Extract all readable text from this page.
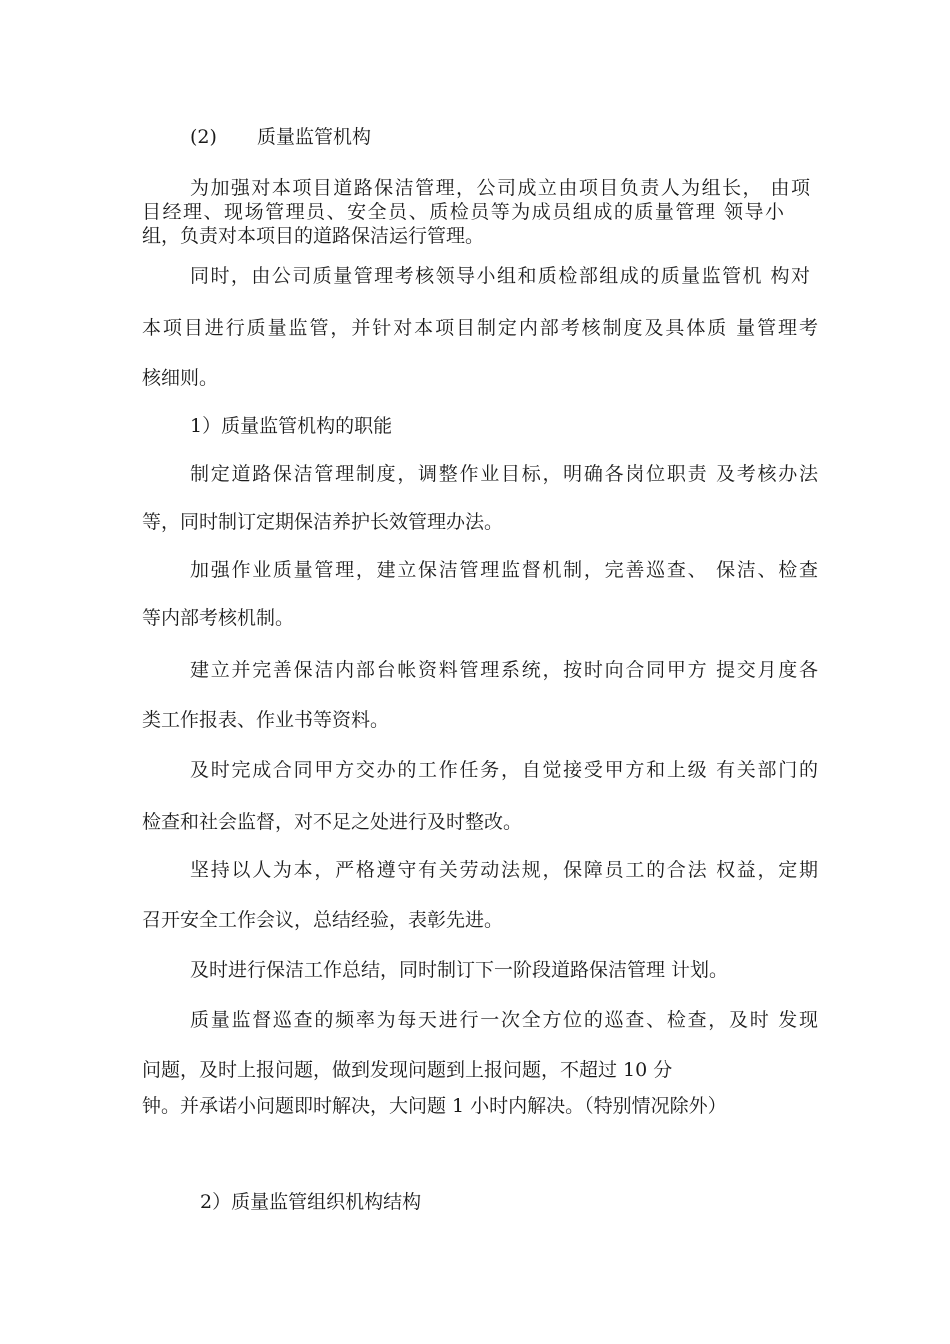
(2) 质量监管机构
为加强对本项目道路保洁管理，公司成立由项目负责人为组长， 由项
目经理、现场管理员、安全员、质检员等为成员组成的质量管理 领导小
组，负责对本项目的道路保洁运行管理。
同时，由公司质量管理考核领导小组和质检部组成的质量监管机 构对
本项目进行质量监管，并针对本项目制定内部考核制度及具体质 量管理考
核细则。
1）质量监管机构的职能
制定道路保洁管理制度，调整作业目标，明确各岗位职责 及考核办法
等，同时制订定期保洁养护长效管理办法。
加强作业质量管理，建立保洁管理监督机制，完善巡查、 保洁、检查
等内部考核机制。
建立并完善保洁内部台帐资料管理系统，按时向合同甲方 提交月度各
类工作报表、作业书等资料。
及时完成合同甲方交办的工作任务，自觉接受甲方和上级 有关部门的
检查和社会监督，对不足之处进行及时整改。
坚持以人为本，严格遵守有关劳动法规，保障员工的合法 权益，定期
召开安全工作会议，总结经验，表彰先进。
及时进行保洁工作总结，同时制订下一阶段道路保洁管理 计划。
质量监督巡查的频率为每天进行一次全方位的巡查、检查，及时 发现
问题，及时上报问题，做到发现问题到上报问题，不超过 10 分
钟。并承诺小问题即时解决，大问题 1 小时内解决。（特别情况除外）
2）质量监管组织机构结构
